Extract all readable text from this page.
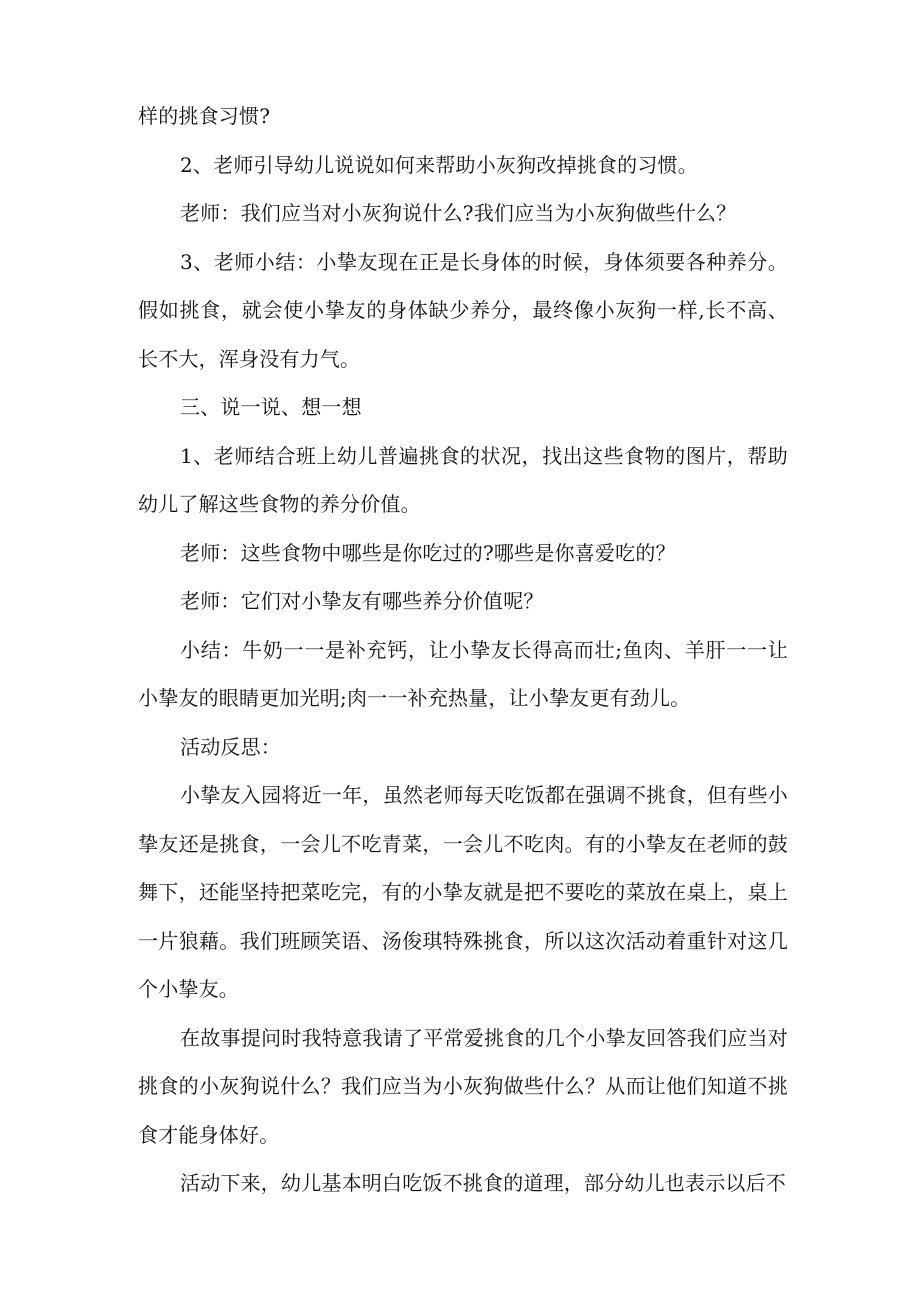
样的挑食习惯?

2、老师引导幼儿说说如何来帮助小灰狗改掉挑食的习惯。

老师：我们应当对小灰狗说什么?我们应当为小灰狗做些什么？

3、老师小结：小挚友现在正是长身体的时候，身体须要各种养分。假如挑食，就会使小挚友的身体缺少养分，最终像小灰狗一样,长不高、长不大，浑身没有力气。

三、说一说、想一想

1、老师结合班上幼儿普遍挑食的状况，找出这些食物的图片，帮助幼儿了解这些食物的养分价值。

老师：这些食物中哪些是你吃过的?哪些是你喜爱吃的？

老师：它们对小挚友有哪些养分价值呢？

小结：牛奶一一是补充钙，让小挚友长得高而壮;鱼肉、羊肝一一让小挚友的眼睛更加光明;肉一一补充热量，让小挚友更有劲儿。

活动反思：

小挚友入园将近一年，虽然老师每天吃饭都在强调不挑食，但有些小挚友还是挑食，一会儿不吃青菜，一会儿不吃肉。有的小挚友在老师的鼓舞下，还能坚持把菜吃完，有的小挚友就是把不要吃的菜放在桌上，桌上一片狼藉。我们班顾笑语、汤俊琪特殊挑食，所以这次活动着重针对这几个小挚友。

在故事提问时我特意我请了平常爱挑食的几个小挚友回答我们应当对挑食的小灰狗说什么？我们应当为小灰狗做些什么？从而让他们知道不挑食才能身体好。

活动下来，幼儿基本明白吃饭不挑食的道理，部分幼儿也表示以后不
